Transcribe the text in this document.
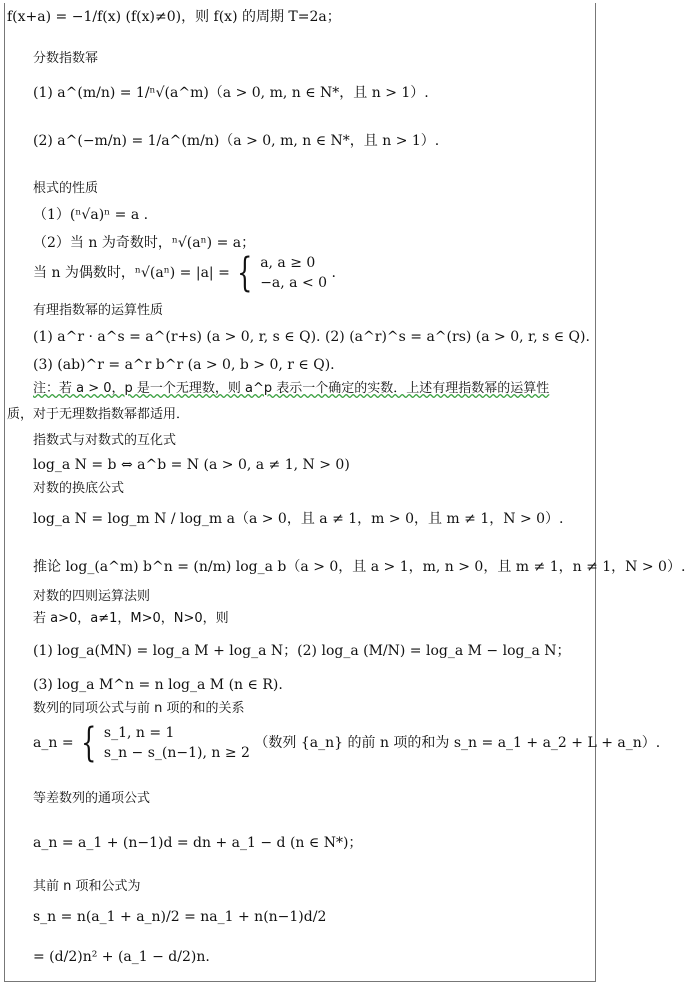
f(x+a) = −1/f(x) (f(x)≠0)，则 f(x) 的周期 T=2a；
分数指数幂
(1) a^(m/n) = 1/ⁿ√(a^m)（a > 0, m, n ∈ N*，且 n > 1）.
(2) a^(−m/n) = 1/a^(m/n)（a > 0, m, n ∈ N*，且 n > 1）.
根式的性质
（1）(ⁿ√a)ⁿ = a .
（2）当 n 为奇数时，ⁿ√(aⁿ) = a；
当 n 为偶数时，ⁿ√(aⁿ) = |a| = { a, a ≥ 0
−a, a < 0
.
有理指数幂的运算性质
(1) a^r · a^s = a^(r+s) (a > 0, r, s ∈ Q). (2) (a^r)^s = a^(rs) (a > 0, r, s ∈ Q).
(3) (ab)^r = a^r b^r (a > 0, b > 0, r ∈ Q).
注：若 a > 0，p 是一个无理数，则 a^p 表示一个确定的实数．上述有理指数幂的运算性
质，对于无理数指数幂都适用．
指数式与对数式的互化式
log_a N = b ⇔ a^b = N (a > 0, a ≠ 1, N > 0)
对数的换底公式
log_a N = log_m N / log_m a（a > 0，且 a ≠ 1，m > 0，且 m ≠ 1，N > 0）.
推论 log_(a^m) b^n = (n/m) log_a b（a > 0，且 a > 1，m, n > 0，且 m ≠ 1，n ≠ 1，N > 0）.
对数的四则运算法则
若 a>0，a≠1，M>0，N>0，则
(1) log_a(MN) = log_a M + log_a N；(2) log_a (M/N) = log_a M − log_a N；
(3) log_a M^n = n log_a M (n ∈ R).
数列的同项公式与前 n 项的和的关系
a_n = { s_1, n = 1
s_n − s_(n−1), n ≥ 2
（数列 {a_n} 的前 n 项的和为 s_n = a_1 + a_2 + L + a_n）.
等差数列的通项公式
a_n = a_1 + (n−1)d = dn + a_1 − d (n ∈ N*)；
其前 n 项和公式为
s_n = n(a_1 + a_n)/2 = na_1 + n(n−1)d/2
= (d/2)n² + (a_1 − d/2)n.
